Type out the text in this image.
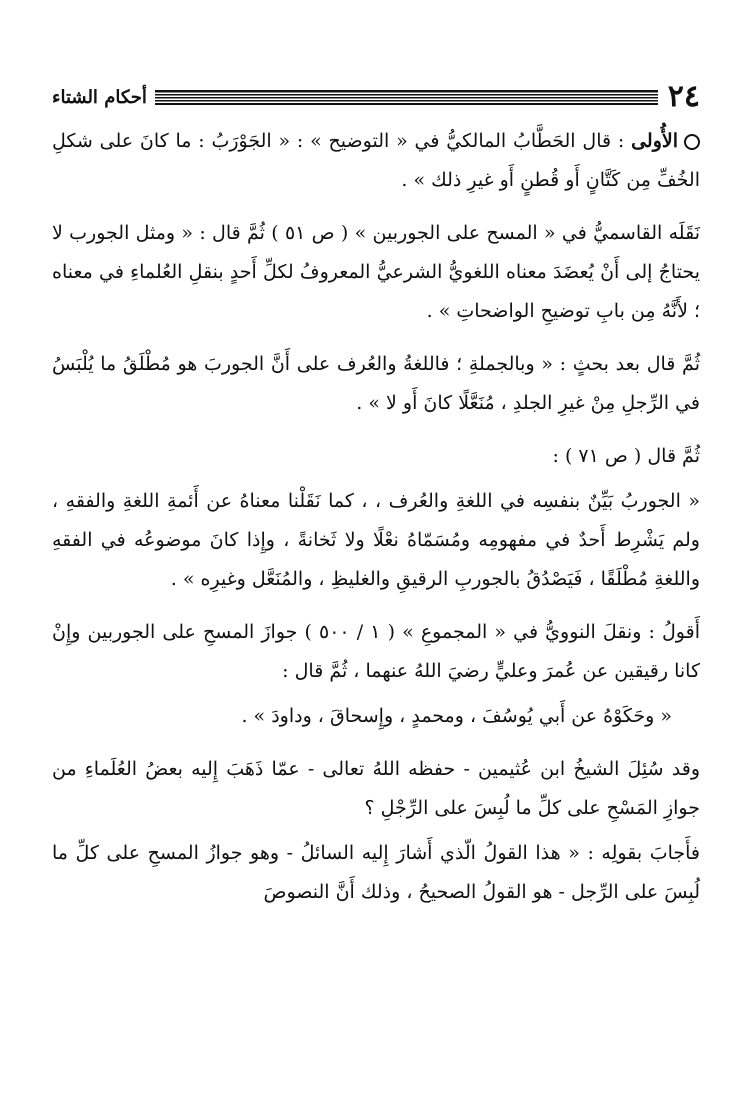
٢٤
أحكام الشتاء

الأُولى : قال الحَطَّابُ المالكيُّ في « التوضيح » : « الجَوْرَبُ : ما كانَ على شكلِ الخُفِّ مِن كَتَّانٍ أَو قُطنٍ أَو غيرِ ذلك » .

نَقَلَه القاسميُّ في « المسح على الجوربين » ( ص ٥١ ) ثُمَّ قال : « ومثل الجورب لا يحتاجُ إلى أَنْ يُعضَدَ معناه اللغويُّ الشرعيُّ المعروفُ لكلِّ أَحدٍ بنقلِ العُلماءِ في معناه ؛ لأَنَّهُ مِن بابِ توضيحِ الواضحاتِ » .

ثُمَّ قال بعد بحثٍ : « وبالجملةِ ؛ فاللغةُ والعُرف على أَنَّ الجوربَ هو مُطْلَقُ ما يُلْبَسُ في الرِّجلِ مِنْ غيرِ الجلدِ ، مُنَعَّلًا كانَ أَو لا » .

ثُمَّ قال ( ص ٧١ ) :

« الجوربُ بَيِّنٌ بنفسِه في اللغةِ والعُرف ، ، كما نَقَلْنا معناهُ عن أَئمةِ اللغةِ والفقهِ ، ولم يَشْرِط أَحدٌ في مفهومِه ومُسَمّاهُ نعْلًا ولا ثَخانةً ، وإِذا كانَ موضوعُه في الفقهِ واللغةِ مُطْلَقًا ، فَيَصْدُقُ بالجوربِ الرقيقِ والغليظِ ، والمُنَعَّل وغيرِه » .

أَقولُ : ونقلَ النوويُّ في « المجموعِ » ( ١ / ٥٠٠ ) جوازَ المسحِ على الجوربين وإِنْ كانا رقيقين عن عُمرَ وعليٍّ رضيَ اللهُ عنهما ، ثُمَّ قال :

« وحَكَوْهُ عن أَبي يُوسُفَ ، ومحمدٍ ، وإِسحاقَ ، وداودَ » .

وقد سُئِلَ الشيخُ ابن عُثيمين - حفظه اللهُ تعالى - عمّا ذَهَبَ إِليه بعضُ العُلَماءِ من جوازِ المَسْحِ على كلِّ ما لُبِسَ على الرِّجْلِ ؟

فأَجابَ بقولِه : « هذا القولُ الّذي أَشارَ إِليه السائلُ - وهو جوازُ المسحِ على كلِّ ما لُبِسَ على الرِّجل - هو القولُ الصحيحُ ، وذلك أَنَّ النصوصَ
